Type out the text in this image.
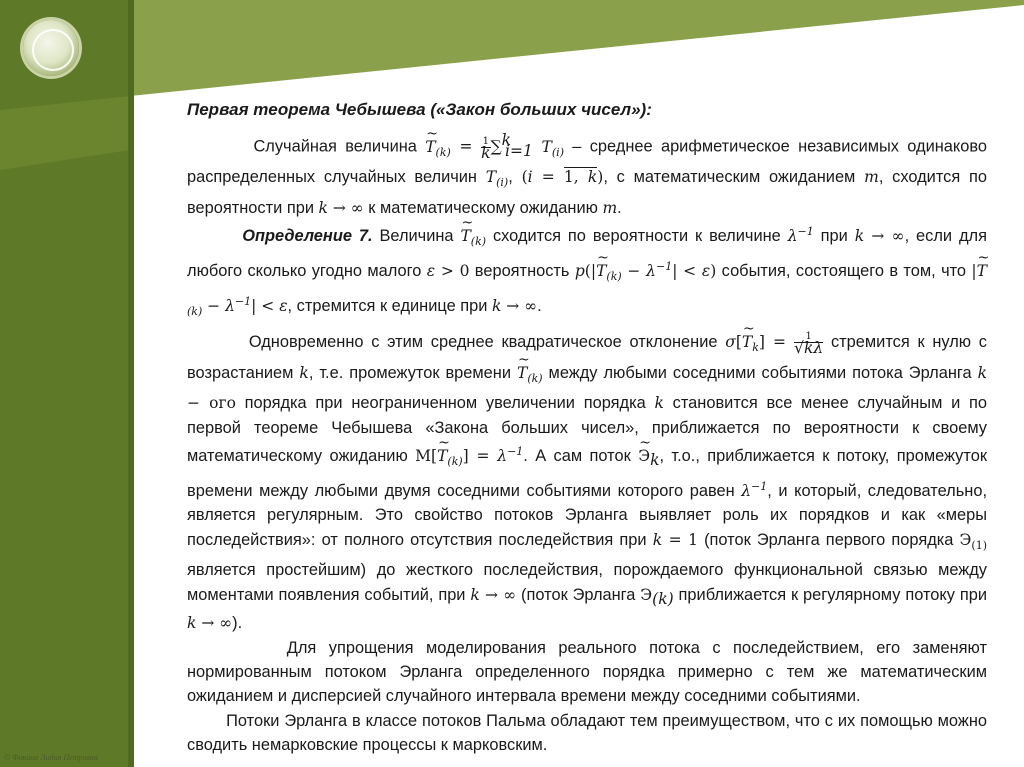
Первая теорема Чебышева («Закон больших чисел»):

Случайная величина ~ $T_{(k)} = \frac{1}{k} \sum^k_{i=1}$ $T_{(i)}$ – среднее арифметическое независимых одинаково распределенных случайных величин $T_{(i)}$, (i = 1, k), с математическим ожиданием m, сходится по вероятности при k → ∞ к математическому ожиданию m.

Определение 7. Величина ~ $T_{(k)}$ сходится по вероятности к величине $\lambda^{-1}$ при k → ∞, если для любого сколько угодно малого ε > 0 вероятность p(|~ $T_{(k)} - \lambda^{-1}| < \varepsilon$) события, состоящего в том, что |~ $T_{(k)} - \lambda^{-1}| < \varepsilon$, стремится к единице при k → ∞.

Одновременно с этим среднее квадратическое отклонение σ[~ $T_k] = \frac{1}{√k\lambda}$ стремится к нулю с возрастанием k, т.е. промежуток времени ~ $T_{(k)}$ между любыми соседними событиями потока Эрланга k − ого порядка при неограниченном увеличении порядка k становится все менее случайным и по первой теореме Чебышева «Закона больших чисел», приближается по вероятности к своему математическому ожиданию M[~ $T_{(k)}] = \lambda^{-1}$. А сам поток ~ $Э_k$, т.о., приближается к потоку, промежуток времени между любыми двумя соседними событиями которого равен $\lambda^{-1}$, и который, следовательно, является регулярным. Это свойство потоков Эрланга выявляет роль их порядков и как «меры последействия»: от полного отсутствия последействия при k = 1 (поток Эрланга первого порядка $Э_{(1)}$ является простейшим) до жесткого последействия, порождаемого функциональной связью между моментами появления событий, при k → ∞ (поток Эрланга $Э_{(k)}$ приближается к регулярному потоку при k → ∞).

Для упрощения моделирования реального потока с последействием, его заменяют нормированным потоком Эрланга определенного порядка примерно с тем же математическим ожиданием и дисперсией случайного интервала времени между соседними событиями.

Потоки Эрланга в классе потоков Пальма обладают тем преимуществом, что с их помощью можно сводить немарковские процессы к марковским.

© Фокина Лидия Петровна
